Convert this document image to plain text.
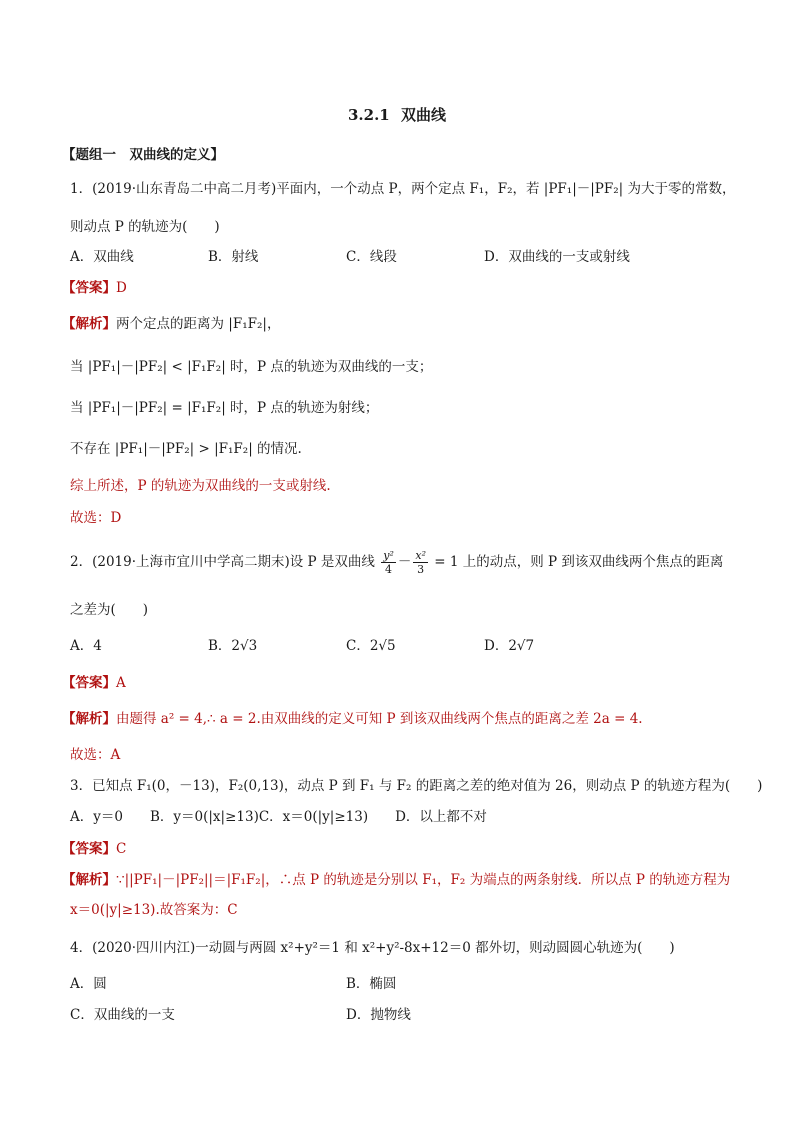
3.2.1 双曲线
【题组一　双曲线的定义】
1．(2019·山东青岛二中高二月考)平面内，一个动点 P，两个定点 F₁，F₂，若 |PF₁|－|PF₂| 为大于零的常数，
则动点 P 的轨迹为(　　)
A．双曲线	B．射线	C．线段	D．双曲线的一支或射线
【答案】D
【解析】两个定点的距离为 |F₁F₂|，
当 |PF₁|－|PF₂| < |F₁F₂| 时，P 点的轨迹为双曲线的一支；
当 |PF₁|－|PF₂| = |F₁F₂| 时，P 点的轨迹为射线；
不存在 |PF₁|－|PF₂| > |F₁F₂| 的情况.
综上所述，P 的轨迹为双曲线的一支或射线.
故选：D
2．(2019·上海市宜川中学高二期末)设 P 是双曲线 $\frac{\text{y²}}{4} - \frac{\text{x²}}{3} = 1$ 上的动点，则 P 到该双曲线两个焦点的距离
之差为(　　)
A．4	B．2√3	C．2√5	D．2√7
【答案】A
【解析】由题得 a² = 4,∴ a = 2.由双曲线的定义可知 P 到该双曲线两个焦点的距离之差 2a = 4.
故选：A
3．已知点 F₁(0，－13)，F₂(0,13)，动点 P 到 F₁ 与 F₂ 的距离之差的绝对值为 26，则动点 P 的轨迹方程为(　　)
A．y＝0　　B．y＝0(|x|≥13)C．x＝0(|y|≥13)　　D．以上都不对
【答案】C
【解析】∵||PF₁|－|PF₂||＝|F₁F₂|，∴点 P 的轨迹是分别以 F₁，F₂ 为端点的两条射线．所以点 P 的轨迹方程为
x＝0(|y|≥13).故答案为：C
4．(2020·四川内江)一动圆与两圆 x²+y²＝1 和 x²+y²-8x+12＝0 都外切，则动圆圆心轨迹为(　　)
A．圆	B．椭圆
C．双曲线的一支	D．抛物线
